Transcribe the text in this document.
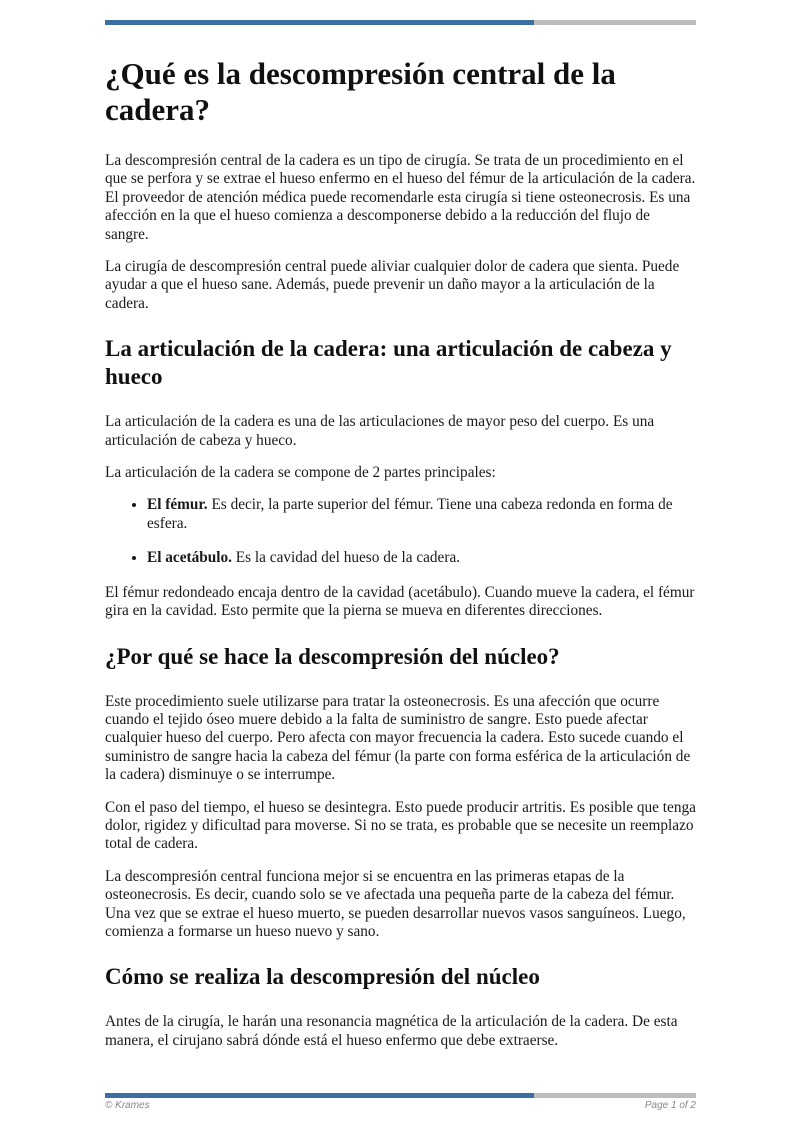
¿Qué es la descompresión central de la cadera?

La descompresión central de la cadera es un tipo de cirugía. Se trata de un procedimiento en el que se perfora y se extrae el hueso enfermo en el hueso del fémur de la articulación de la cadera. El proveedor de atención médica puede recomendarle esta cirugía si tiene osteonecrosis. Es una afección en la que el hueso comienza a descomponerse debido a la reducción del flujo de sangre.

La cirugía de descompresión central puede aliviar cualquier dolor de cadera que sienta. Puede ayudar a que el hueso sane. Además, puede prevenir un daño mayor a la articulación de la cadera.

La articulación de la cadera: una articulación de cabeza y hueco

La articulación de la cadera es una de las articulaciones de mayor peso del cuerpo. Es una articulación de cabeza y hueco.

La articulación de la cadera se compone de 2 partes principales:

• El fémur. Es decir, la parte superior del fémur. Tiene una cabeza redonda en forma de esfera.
• El acetábulo. Es la cavidad del hueso de la cadera.

El fémur redondeado encaja dentro de la cavidad (acetábulo). Cuando mueve la cadera, el fémur gira en la cavidad. Esto permite que la pierna se mueva en diferentes direcciones.

¿Por qué se hace la descompresión del núcleo?

Este procedimiento suele utilizarse para tratar la osteonecrosis. Es una afección que ocurre cuando el tejido óseo muere debido a la falta de suministro de sangre. Esto puede afectar cualquier hueso del cuerpo. Pero afecta con mayor frecuencia la cadera. Esto sucede cuando el suministro de sangre hacia la cabeza del fémur (la parte con forma esférica de la articulación de la cadera) disminuye o se interrumpe.

Con el paso del tiempo, el hueso se desintegra. Esto puede producir artritis. Es posible que tenga dolor, rigidez y dificultad para moverse. Si no se trata, es probable que se necesite un reemplazo total de cadera.

La descompresión central funciona mejor si se encuentra en las primeras etapas de la osteonecrosis. Es decir, cuando solo se ve afectada una pequeña parte de la cabeza del fémur. Una vez que se extrae el hueso muerto, se pueden desarrollar nuevos vasos sanguíneos. Luego, comienza a formarse un hueso nuevo y sano.

Cómo se realiza la descompresión del núcleo

Antes de la cirugía, le harán una resonancia magnética de la articulación de la cadera. De esta manera, el cirujano sabrá dónde está el hueso enfermo que debe extraerse.

© Krames	Page 1 of 2
